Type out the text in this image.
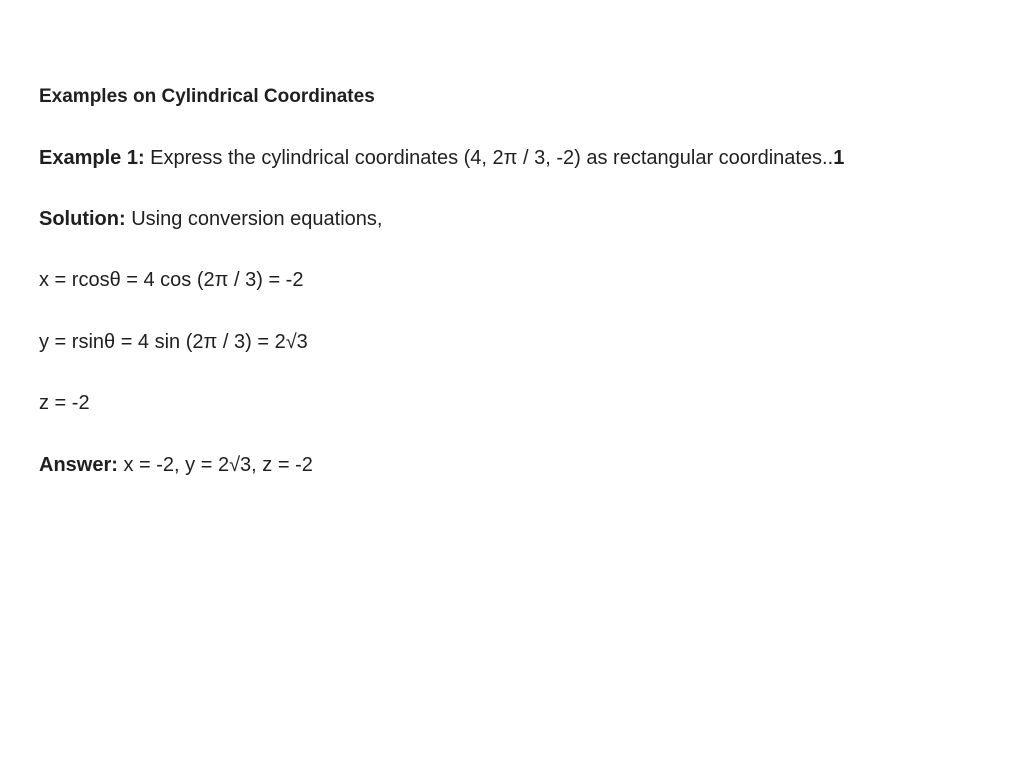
Examples on Cylindrical Coordinates
Example 1: Express the cylindrical coordinates (4, 2π / 3, -2) as rectangular coordinates..1
Solution: Using conversion equations,
x = rcosθ = 4 cos (2π / 3) = -2
y = rsinθ = 4 sin (2π / 3) = 2√3
z = -2
Answer: x = -2, y = 2√3, z = -2
